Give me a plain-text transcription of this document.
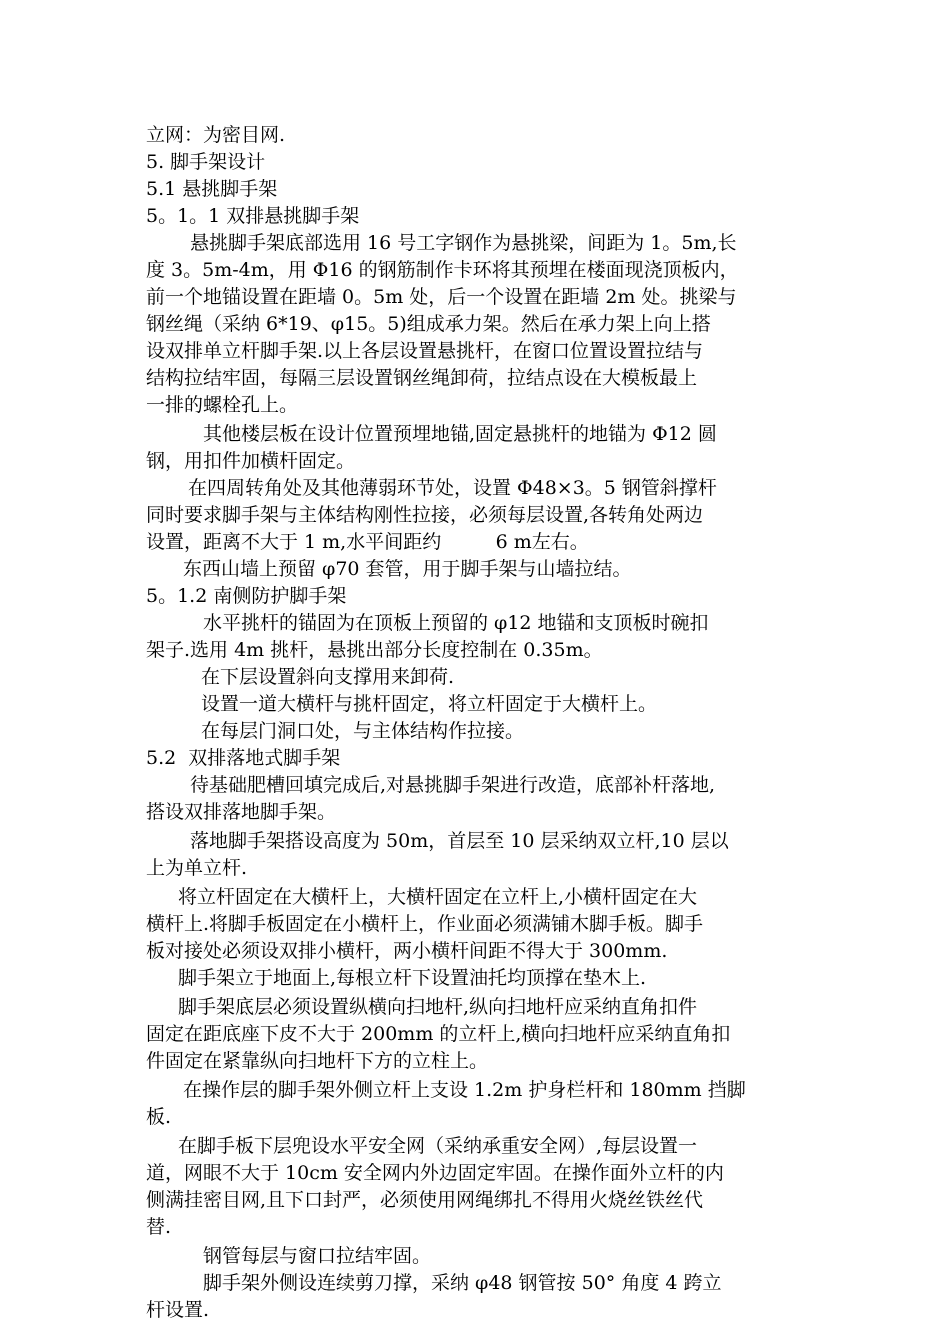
立网：为密目网.
5. 脚手架设计
5.1 悬挑脚手架
5。1。1 双排悬挑脚手架
悬挑脚手架底部选用 16 号工字钢作为悬挑梁，间距为 1。5m,长
度 3。5m-4m，用 Φ16 的钢筋制作卡环将其预埋在楼面现浇顶板内，
前一个地锚设置在距墙 0。5m 处，后一个设置在距墙 2m 处。挑梁与
钢丝绳（采纳 6*19、φ15。5)组成承力架。然后在承力架上向上搭
设双排单立杆脚手架.以上各层设置悬挑杆，在窗口位置设置拉结与
结构拉结牢固，每隔三层设置钢丝绳卸荷，拉结点设在大模板最上
一排的螺栓孔上。
其他楼层板在设计位置预埋地锚,固定悬挑杆的地锚为 Φ12 圆
钢，用扣件加横杆固定。
在四周转角处及其他薄弱环节处，设置 Φ48×3。5 钢管斜撑杆
同时要求脚手架与主体结构刚性拉接，必须每层设置,各转角处两边
设置，距离不大于 1 m,水平间距约         6 m左右。
东西山墙上预留 φ70 套管，用于脚手架与山墙拉结。
5。1.2 南侧防护脚手架
水平挑杆的锚固为在顶板上预留的 φ12 地锚和支顶板时碗扣
架子.选用 4m 挑杆，悬挑出部分长度控制在 0.35m。
在下层设置斜向支撑用来卸荷.
设置一道大横杆与挑杆固定，将立杆固定于大横杆上。
在每层门洞口处，与主体结构作拉接。
5.2  双排落地式脚手架
待基础肥槽回填完成后,对悬挑脚手架进行改造，底部补杆落地,
搭设双排落地脚手架。
落地脚手架搭设高度为 50m，首层至 10 层采纳双立杆,10 层以
上为单立杆.
将立杆固定在大横杆上，大横杆固定在立杆上,小横杆固定在大
横杆上.将脚手板固定在小横杆上，作业面必须满铺木脚手板。脚手
板对接处必须设双排小横杆，两小横杆间距不得大于 300mm.
脚手架立于地面上,每根立杆下设置油托均顶撑在垫木上.
脚手架底层必须设置纵横向扫地杆,纵向扫地杆应采纳直角扣件
固定在距底座下皮不大于 200mm 的立杆上,横向扫地杆应采纳直角扣
件固定在紧靠纵向扫地杆下方的立柱上。
在操作层的脚手架外侧立杆上支设 1.2m 护身栏杆和 180mm 挡脚
板.
在脚手板下层兜设水平安全网（采纳承重安全网）,每层设置一
道，网眼不大于 10cm 安全网内外边固定牢固。在操作面外立杆的内
侧满挂密目网,且下口封严，必须使用网绳绑扎不得用火烧丝铁丝代
替.
钢管每层与窗口拉结牢固。
脚手架外侧设连续剪刀撑，采纳 φ48 钢管按 50° 角度 4 跨立
杆设置.
